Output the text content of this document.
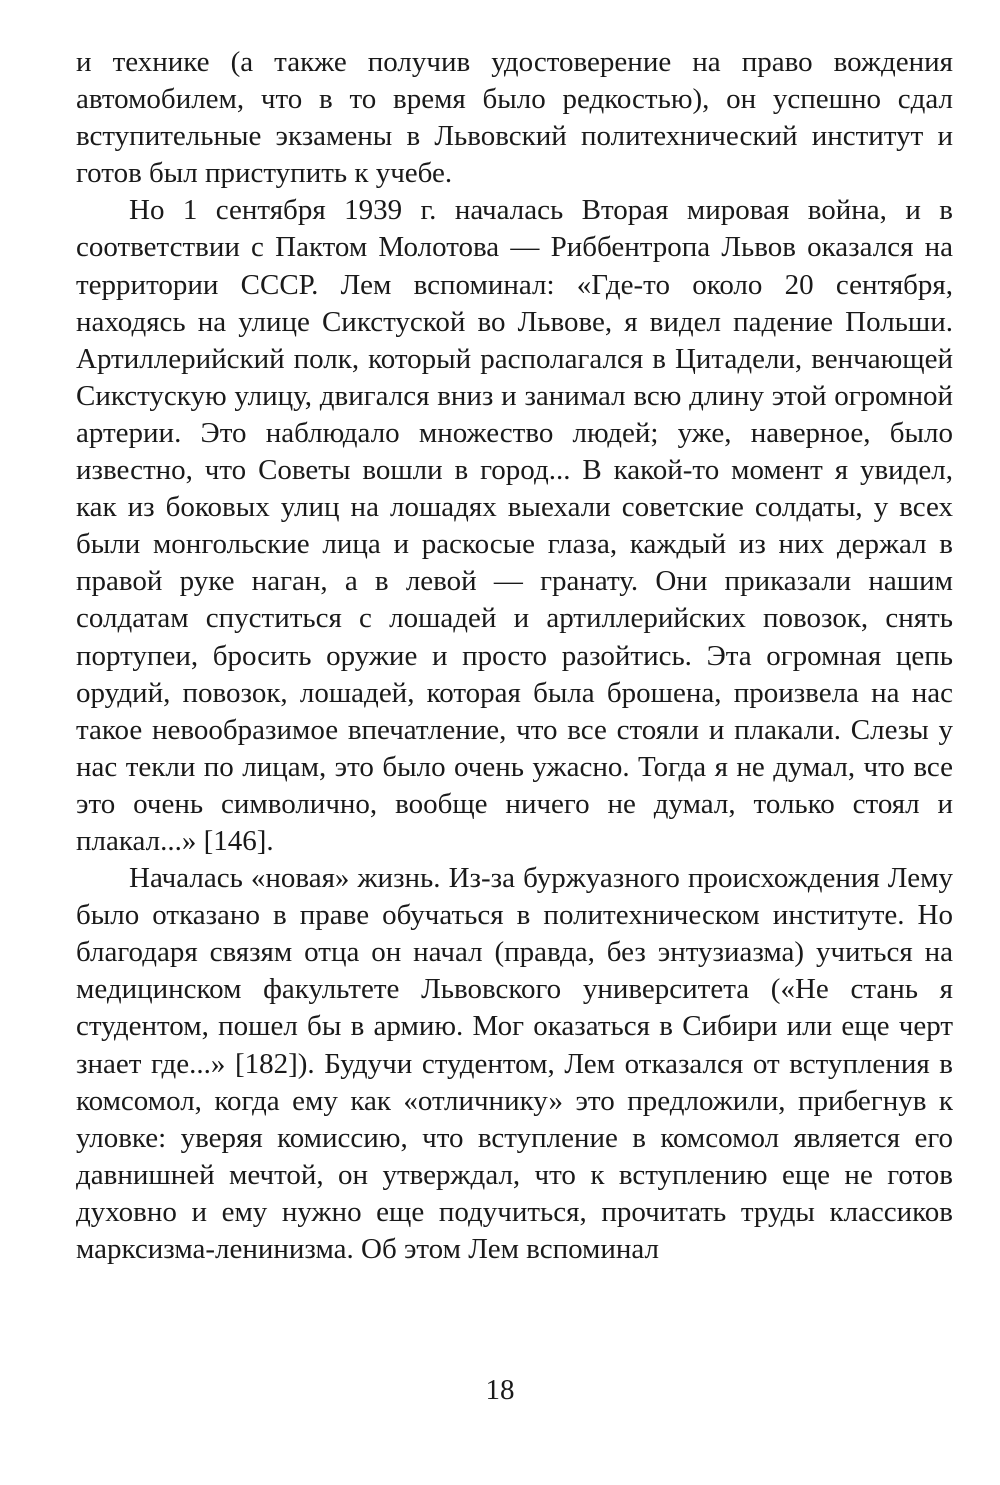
и технике (а также получив удостоверение на право вождения автомобилем, что в то время было редкостью), он успешно сдал вступительные экзамены в Львовский политехнический институт и готов был приступить к учебе.

Но 1 сентября 1939 г. началась Вторая мировая война, и в соответствии с Пактом Молотова — Риббентропа Львов оказался на территории СССР. Лем вспоминал: «Где-то около 20 сентября, находясь на улице Сикстуской во Львове, я видел падение Польши. Артиллерийский полк, который располагался в Цитадели, венчающей Сикстускую улицу, двигался вниз и занимал всю длину этой огромной артерии. Это наблюдало множество людей; уже, наверное, было известно, что Советы вошли в город... В какой-то момент я увидел, как из боковых улиц на лошадях выехали советские солдаты, у всех были монгольские лица и раскосые глаза, каждый из них держал в правой руке наган, а в левой — гранату. Они приказали нашим солдатам спуститься с лошадей и артиллерийских повозок, снять портупеи, бросить оружие и просто разойтись. Эта огромная цепь орудий, повозок, лошадей, которая была брошена, произвела на нас такое невообразимое впечатление, что все стояли и плакали. Слезы у нас текли по лицам, это было очень ужасно. Тогда я не думал, что все это очень символично, вообще ничего не думал, только стоял и плакал...» [146].

Началась «новая» жизнь. Из-за буржуазного происхождения Лему было отказано в праве обучаться в политехническом институте. Но благодаря связям отца он начал (правда, без энтузиазма) учиться на медицинском факультете Львовского университета («Не стань я студентом, пошел бы в армию. Мог оказаться в Сибири или еще черт знает где...» [182]). Будучи студентом, Лем отказался от вступления в комсомол, когда ему как «отличнику» это предложили, прибегнув к уловке: уверяя комиссию, что вступление в комсомол является его давнишней мечтой, он утверждал, что к вступлению еще не готов духовно и ему нужно еще подучиться, прочитать труды классиков марксизма-ленинизма. Об этом Лем вспоминал

18
